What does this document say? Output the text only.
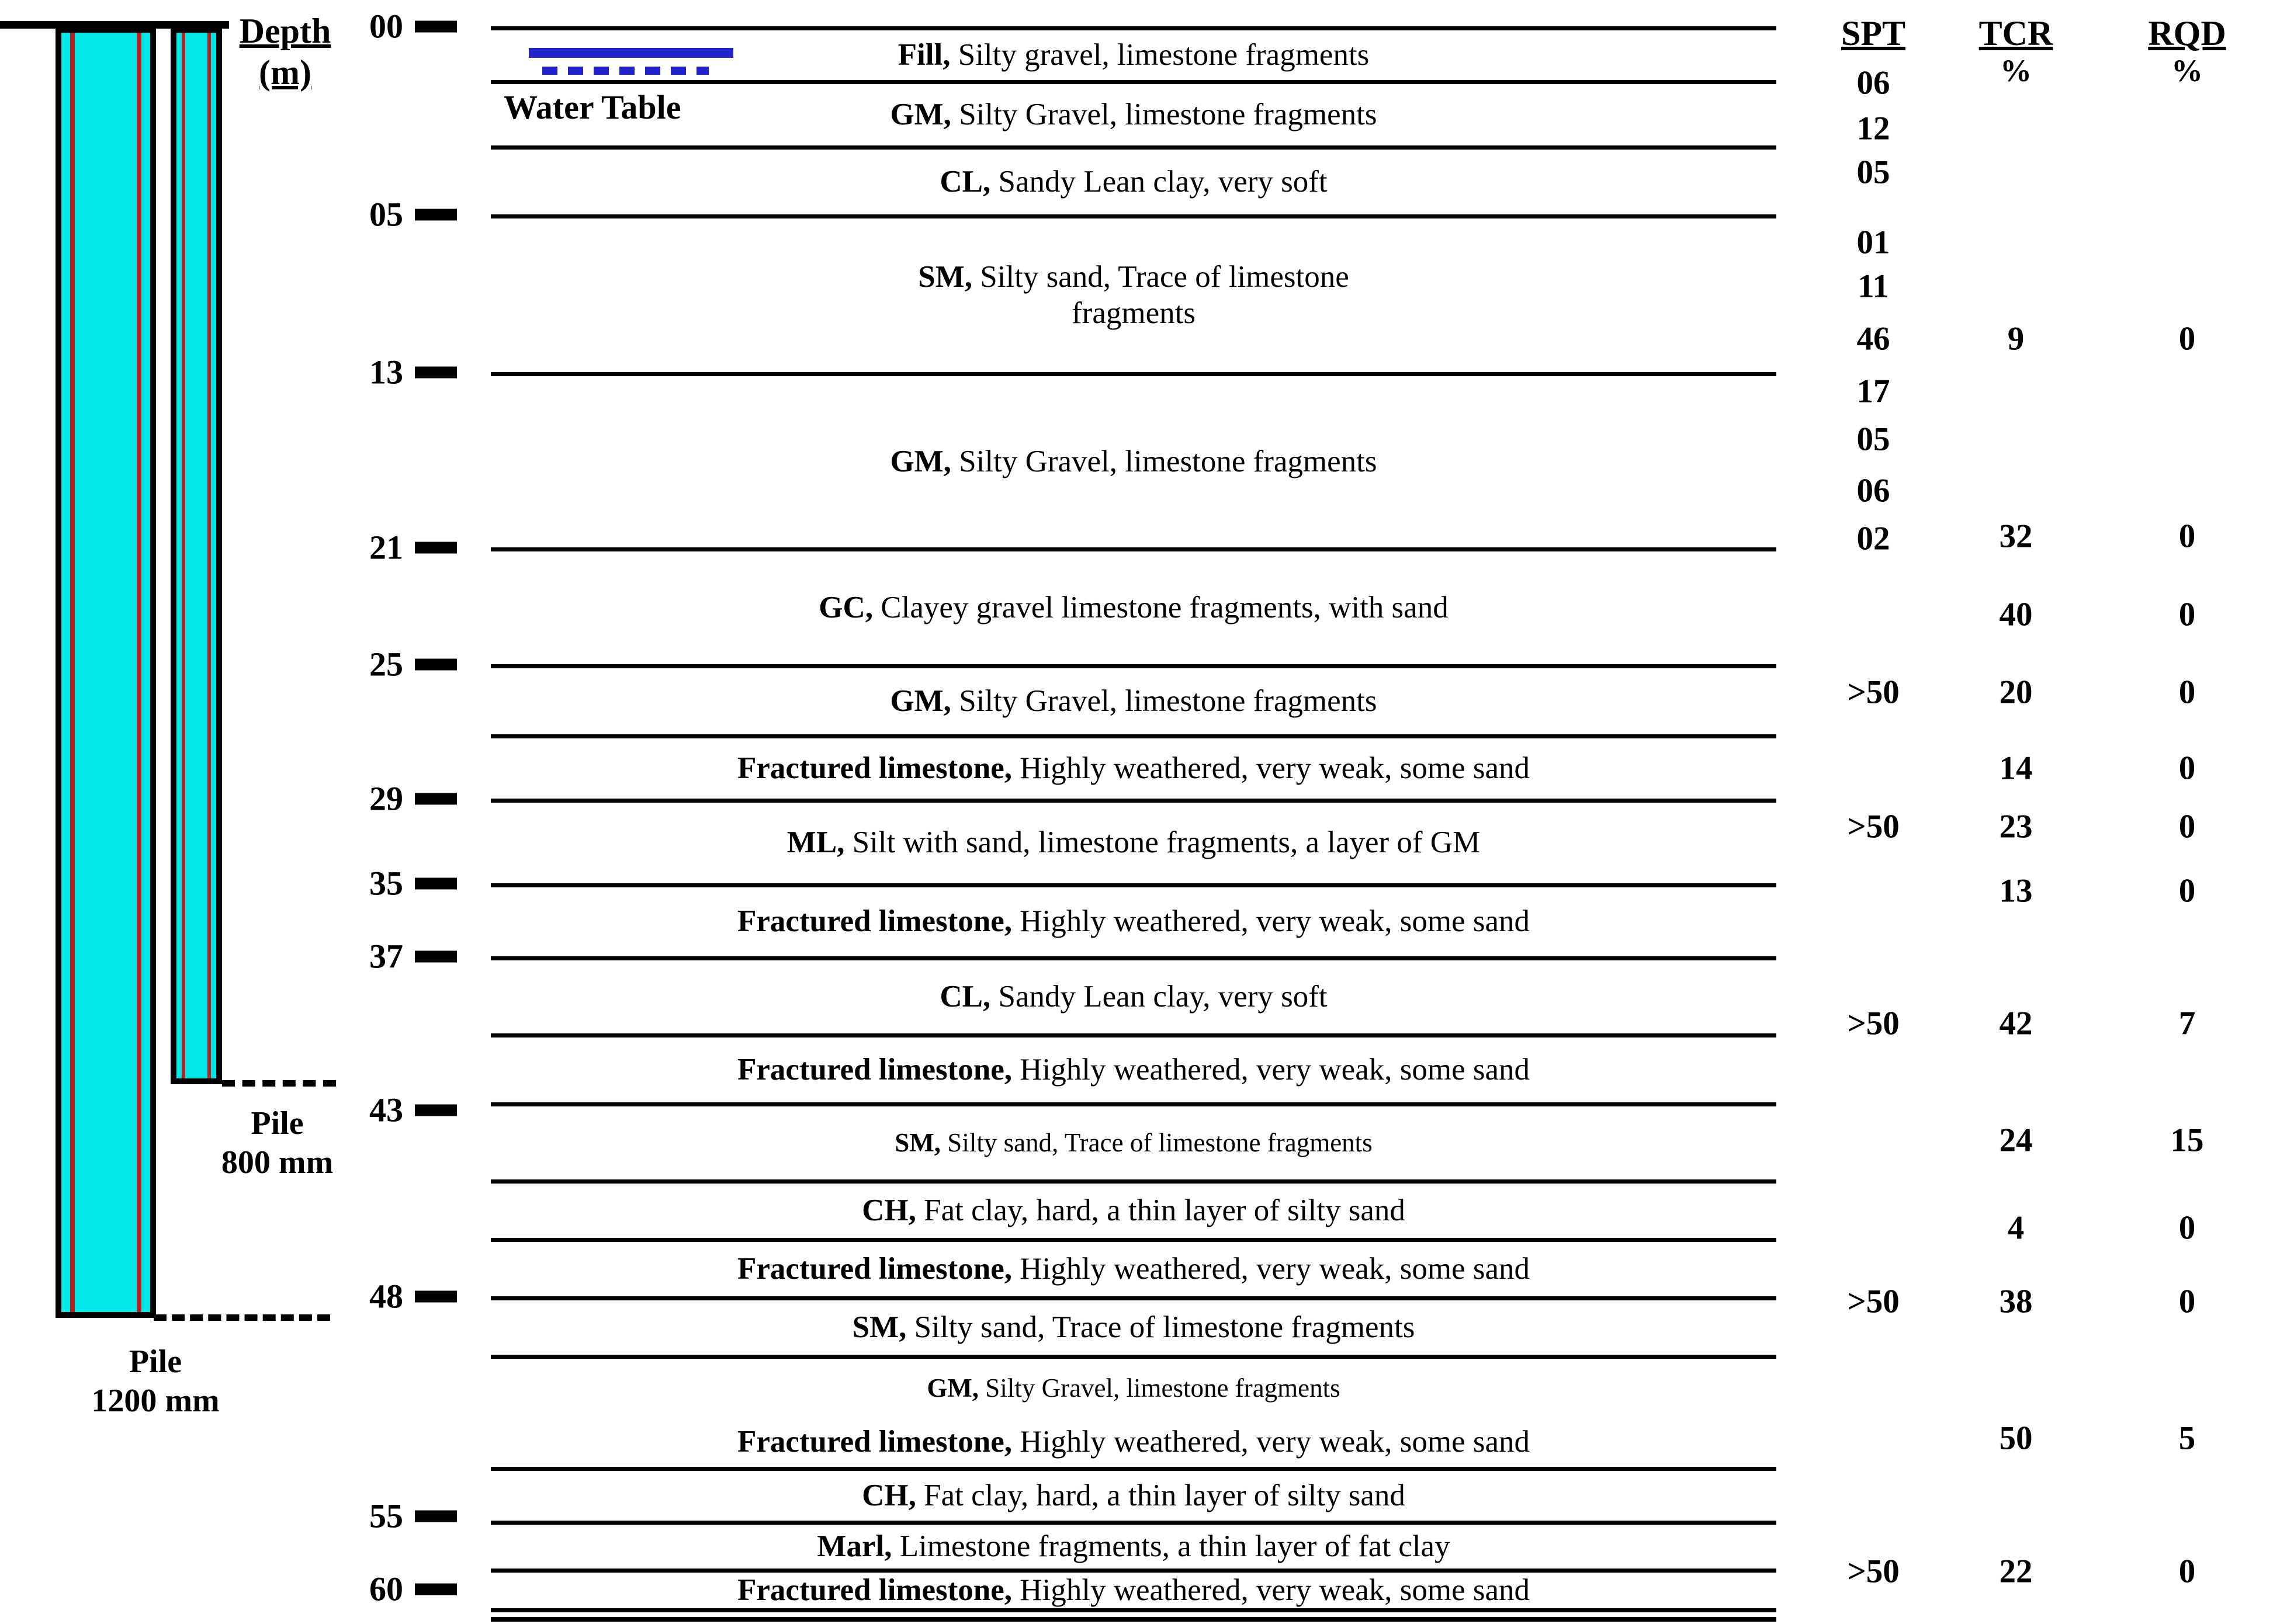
Pile
800 mm
Pile
1200 mm
Depth
(m)
00
05
13
21
25
29
35
37
43
48
55
60
Fill, Silty gravel, limestone fragments
GM, Silty Gravel, limestone fragments
CL, Sandy Lean clay, very soft
SM, Silty sand, Trace of limestone
fragments
GM, Silty Gravel, limestone fragments
GC, Clayey gravel limestone fragments, with sand
GM, Silty Gravel, limestone fragments
Fractured limestone, Highly weathered, very weak, some sand
ML, Silt with sand, limestone fragments, a layer of GM
Fractured limestone, Highly weathered, very weak, some sand
CL, Sandy Lean clay, very soft
Fractured limestone, Highly weathered, very weak, some sand
SM, Silty sand, Trace of limestone fragments
CH, Fat clay, hard, a thin layer of silty sand
Fractured limestone, Highly weathered, very weak, some sand
SM, Silty sand, Trace of limestone fragments
GM, Silty Gravel, limestone fragments
Fractured limestone, Highly weathered, very weak, some sand
CH, Fat clay, hard, a thin layer of silty sand
Marl, Limestone fragments, a thin layer of fat clay
Fractured limestone, Highly weathered, very weak, some sand
Water Table
SPT	TCR
%
RQD
%
06
12
05
01
11
46
17
05
06
02
>50
>50
>50
>50
>50
9
32
40
20
14
23
13
42
24
4
38
50
22
0
0
0
0
0
0
0
7
15
0
0
5
0
